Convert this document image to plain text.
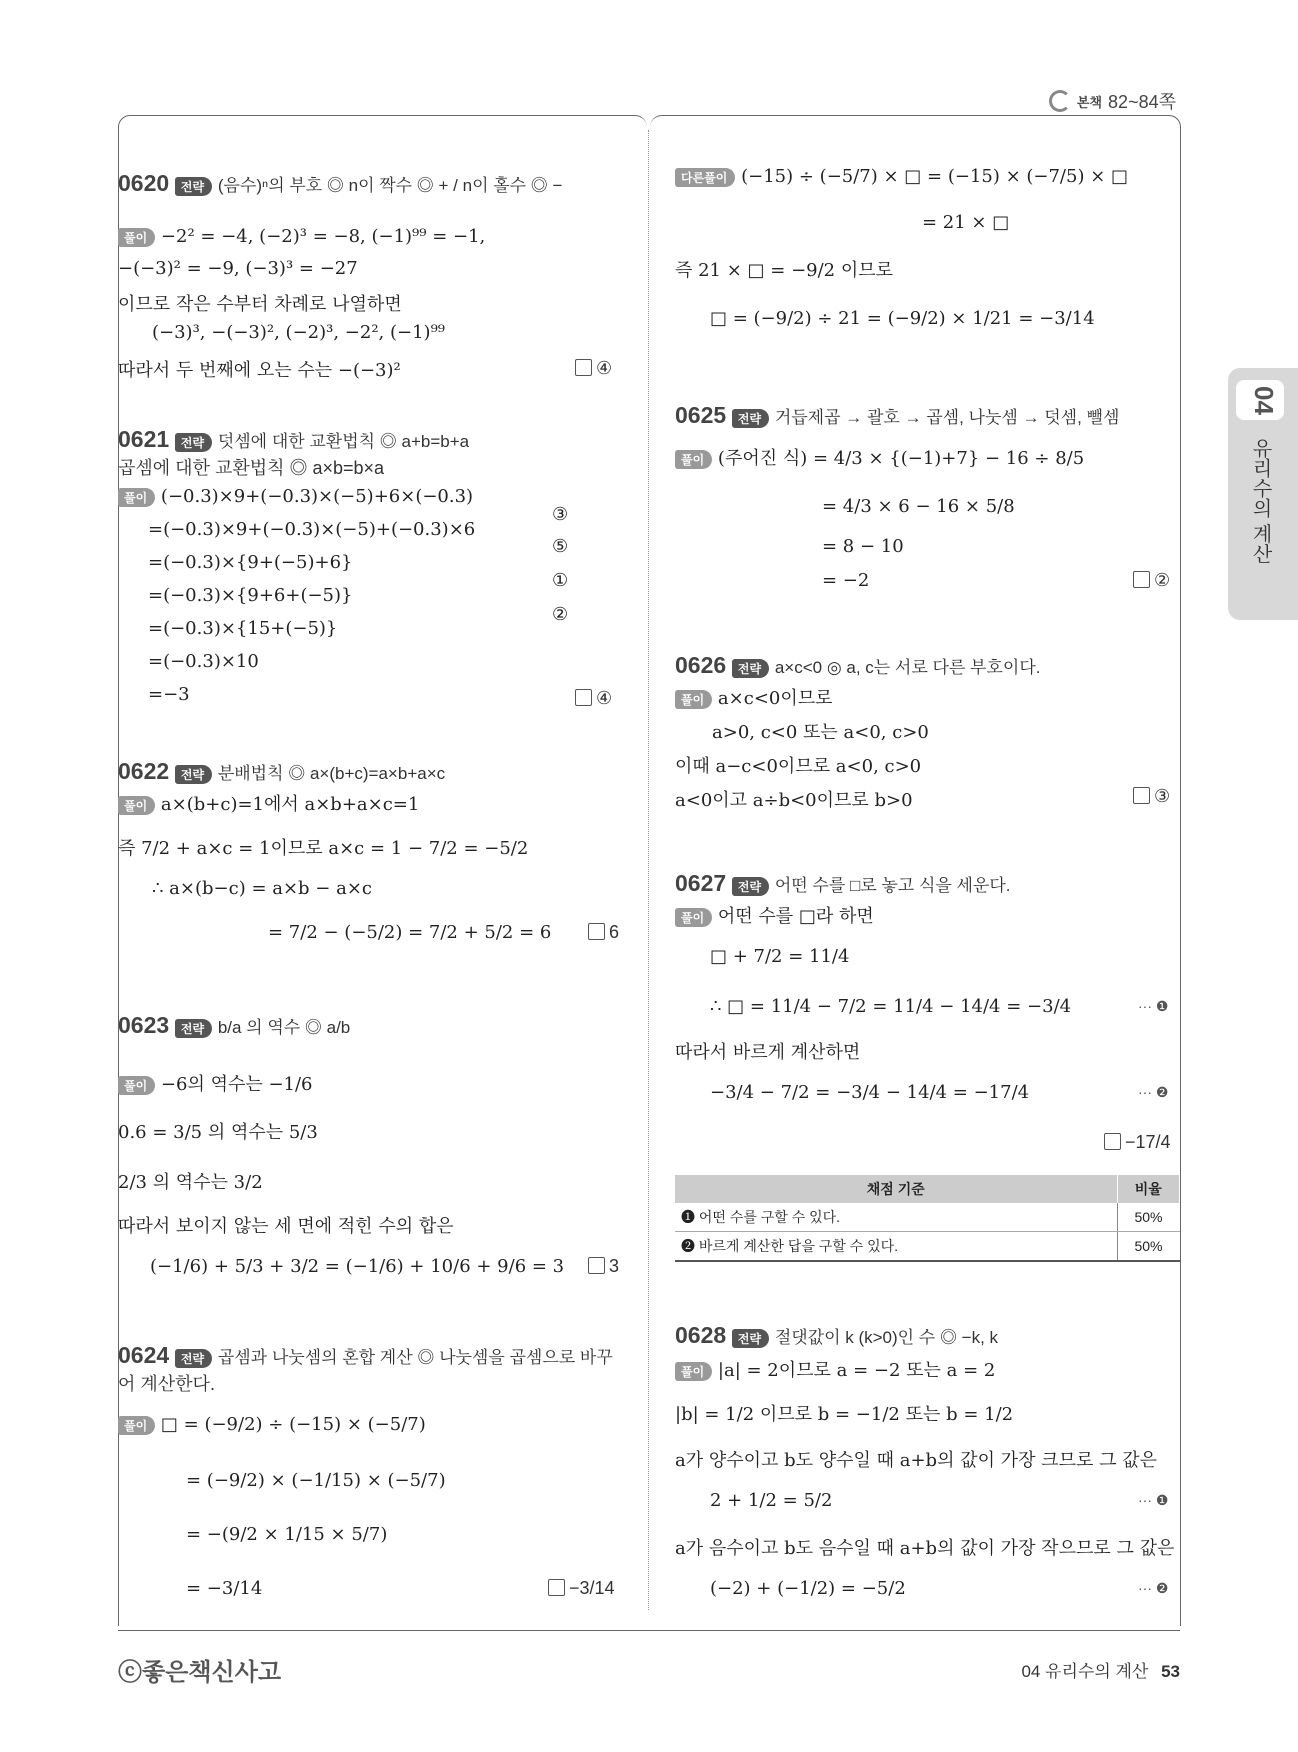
본책 82~84쪽
04
유리수의 계산
0620 전략 (음수)ⁿ의 부호 ◎ n이 짝수 ◎ + / n이 홀수 ◎ −
풀이 −2² = −4, (−2)³ = −8, (−1)⁹⁹ = −1,
−(−3)² = −9, (−3)³ = −27
이므로 작은 수부터 차례로 나열하면
(−3)³, −(−3)², (−2)³, −2², (−1)⁹⁹
따라서 두 번째에 오는 수는 −(−3)²	④
0621 전략 덧셈에 대한 교환법칙 ◎ a+b=b+a
곱셈에 대한 교환법칙 ◎ a×b=b×a
풀이 (−0.3)×9+(−0.3)×(−5)+6×(−0.3)
=(−0.3)×9+(−0.3)×(−5)+(−0.3)×6
=(−0.3)×{9+(−5)+6}
=(−0.3)×{9+6+(−5)}
=(−0.3)×{15+(−5)}
=(−0.3)×10
=−3
③
⑤
①
②
④
0622 전략 분배법칙 ◎ a×(b+c)=a×b+a×c
풀이 a×(b+c)=1에서 a×b+a×c=1
즉 7/2 + a×c = 1이므로 a×c = 1 − 7/2 = −5/2
∴ a×(b−c) = a×b − a×c
= 7/2 − (−5/2) = 7/2 + 5/2 = 6	6
0623 전략 b/a 의 역수 ◎ a/b
풀이 −6의 역수는 −1/6
0.6 = 3/5 의 역수는 5/3
2/3 의 역수는 3/2
따라서 보이지 않는 세 면에 적힌 수의 합은
(−1/6) + 5/3 + 3/2 = (−1/6) + 10/6 + 9/6 = 3	3
0624 전략 곱셈과 나눗셈의 혼합 계산 ◎ 나눗셈을 곱셈으로 바꾸
어 계산한다.
풀이 □ = (−9/2) ÷ (−15) × (−5/7)
= (−9/2) × (−1/15) × (−5/7)
= −(9/2 × 1/15 × 5/7)
= −3/14	−3/14
다른풀이 (−15) ÷ (−5/7) × □ = (−15) × (−7/5) × □
= 21 × □
즉 21 × □ = −9/2 이므로
□ = (−9/2) ÷ 21 = (−9/2) × 1/21 = −3/14
0625 전략 거듭제곱 → 괄호 → 곱셈, 나눗셈 → 덧셈, 뺄셈
풀이 (주어진 식) = 4/3 × {(−1)+7} − 16 ÷ 8/5
= 4/3 × 6 − 16 × 5/8
= 8 − 10
= −2	②
0626 전략 a×c<0 ◎ a, c는 서로 다른 부호이다.
풀이 a×c<0이므로
a>0, c<0 또는 a<0, c>0
이때 a−c<0이므로 a<0, c>0
a<0이고 a÷b<0이므로 b>0	③
0627 전략 어떤 수를 □로 놓고 식을 세운다.
풀이 어떤 수를 □라 하면
□ + 7/2 = 11/4
∴ □ = 11/4 − 7/2 = 11/4 − 14/4 = −3/4	··· ❶
따라서 바르게 계산하면
−3/4 − 7/2 = −3/4 − 14/4 = −17/4	··· ❷
−17/4
채점 기준	비율
❶ 어떤 수를 구할 수 있다.	50%
❷ 바르게 계산한 답을 구할 수 있다.	50%
0628 전략 절댓값이 k (k>0)인 수 ◎ −k, k
풀이 |a| = 2이므로 a = −2 또는 a = 2
|b| = 1/2 이므로 b = −1/2 또는 b = 1/2
a가 양수이고 b도 양수일 때 a+b의 값이 가장 크므로 그 값은
2 + 1/2 = 5/2	··· ❶
a가 음수이고 b도 음수일 때 a+b의 값이 가장 작으므로 그 값은
(−2) + (−1/2) = −5/2	··· ❷
ⓒ좋은책신사고	04 유리수의 계산 53
